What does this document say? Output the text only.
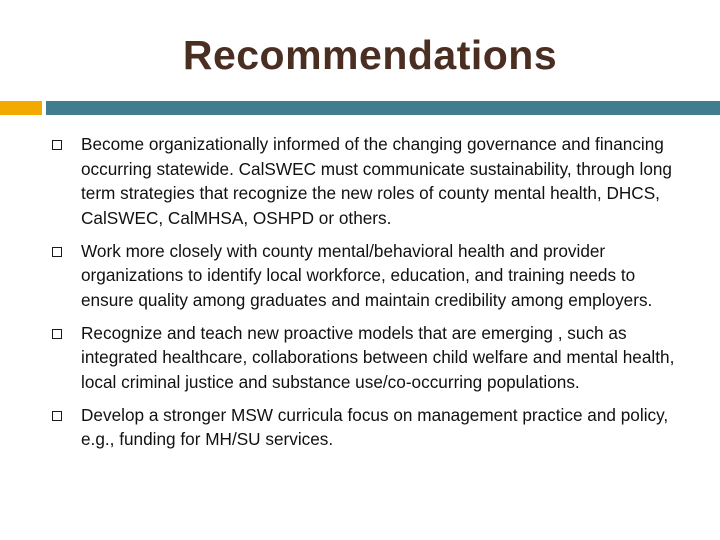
Recommendations
Become organizationally informed of the changing governance and financing occurring statewide. CalSWEC must communicate sustainability, through long term strategies that recognize the new roles of county mental health, DHCS, CalSWEC, CalMHSA, OSHPD or others.
Work more closely with county mental/behavioral health and provider organizations to identify local workforce, education, and training needs to ensure quality among graduates and maintain credibility among employers.
Recognize and teach new proactive models that are emerging , such as integrated healthcare, collaborations between child welfare and mental health, local criminal justice and substance use/co-occurring populations.
Develop a stronger MSW curricula focus on management practice and policy, e.g., funding for MH/SU services.
